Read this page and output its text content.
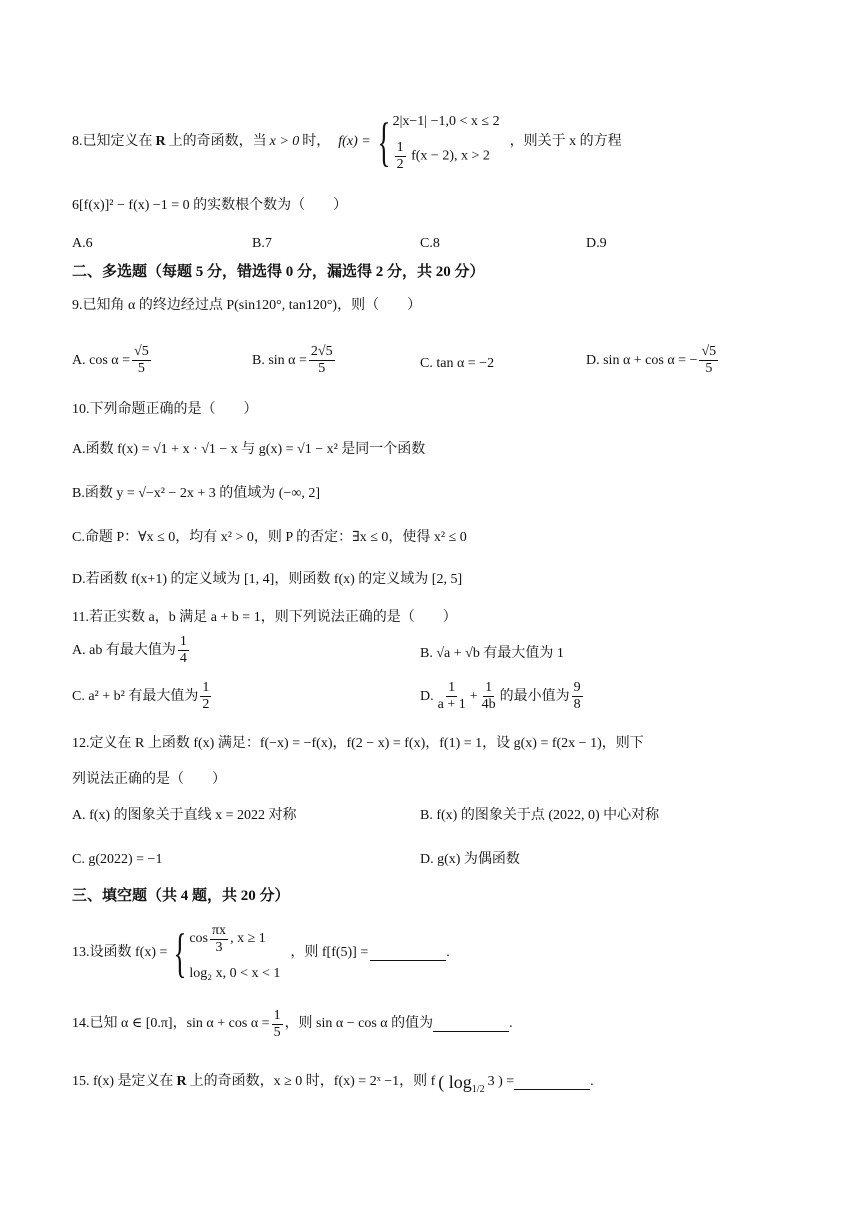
8.已知定义在 R 上的奇函数，当 x > 0 时， f(x) = { 2|x−1| −1,0 < x ≤ 2
$\frac{1}{2} f(x - 2)$, x > 2
，则关于 x 的方程
6[f(x)]² − f(x) −1 = 0 的实数根个数为（　　）
A.6	B.7	C.8	D.9
二、多选题（每题 5 分，错选得 0 分，漏选得 2 分，共 20 分）
9.已知角 α 的终边经过点 P(sin120°, tan120°)，则（　　）
A. $\cos \alpha = \frac{√5}{5}$	B. $\sin \alpha = \frac{2√5}{5}$	C. tan α = −2	D. sin α + cos α = − $\frac{√5}{5}$
10.下列命题正确的是（　　）
A.函数 f(x) = √1 + x · √1 − x 与 g(x) = √1 − x² 是同一个函数
B.函数 y = √−x² − 2x + 3 的值域为 (−∞, 2]
C.命题 P：∀x ≤ 0，均有 x² > 0，则 P 的否定：∃x ≤ 0，使得 x² ≤ 0
D.若函数 f(x+1) 的定义域为 [1, 4]，则函数 f(x) 的定义域为 [2, 5]
11.若正实数 a，b 满足 a + b = 1，则下列说法正确的是（　　）
A. ab 有最大值为 $\frac{1}{4}$	B. √a + √b 有最大值为 1
C. a² + b² 有最大值为 $\frac{1}{2}$	D. $\frac{1}{a + 1} + \frac{1}{4b}$ 的最小值为 $\frac{9}{8}$
12.定义在 R 上函数 f(x) 满足：f(−x) = −f(x)，f(2 − x) = f(x)，f(1) = 1，设 g(x) = f(2x − 1)，则下
列说法正确的是（　　）
A. f(x) 的图象关于直线 x = 2022 对称	B. f(x) 的图象关于点 (2022, 0) 中心对称
C. g(2022) = −1	D. g(x) 为偶函数
三、填空题（共 4 题，共 20 分）
13.设函数 f(x) = { $\cos \frac{\pi x}{3}$ , x ≥ 1
log₂ x, 0 < x < 1
，则 f[f(5)] =	.
14.已知 α ∈ [0.π]，$\sin \alpha + \cos \alpha = \frac{1}{5}$ ，则 sin α − cos α 的值为	.
15. f(x) 是定义在 R 上的奇函数，x ≥ 0 时，f(x) = 2ˣ −1，则 f ( $\log_{1/2}$
3 ) =	.
